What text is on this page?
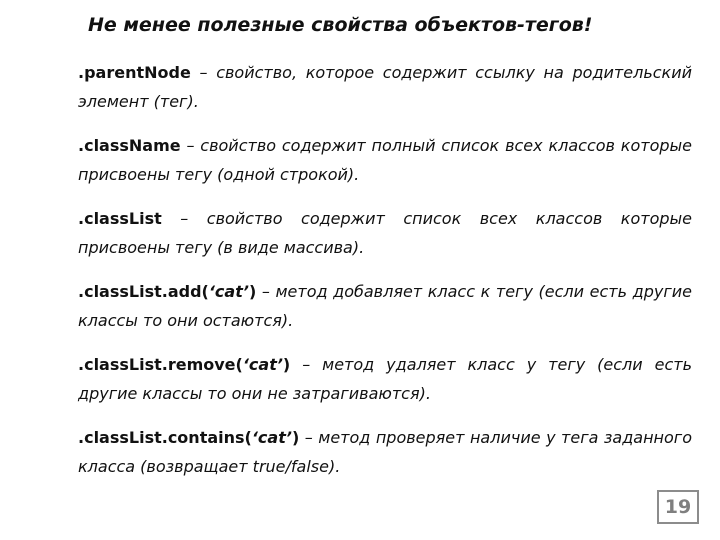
Не менее полезные свойства объектов-тегов!

.parentNode – свойство, которое содержит ссылку на родительский элемент (тег).

.className – свойство содержит полный список всех классов которые присвоены тегу (одной строкой).

.classList – свойство содержит список всех классов которые присвоены тегу (в виде массива).

.classList.add(‘cat’) – метод добавляет класс к тегу (если есть другие классы то они остаются).

.classList.remove(‘cat’) – метод удаляет класс у тегу (если есть другие классы то они не затрагиваются).

.classList.contains(‘cat’) – метод проверяет наличие у тега заданного класса (возвращает true/false).

19
